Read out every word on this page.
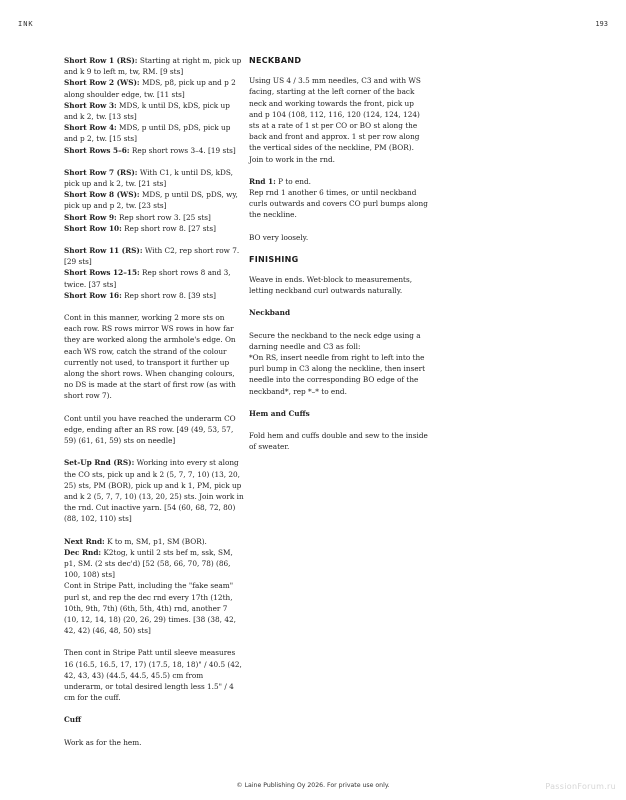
INK	193

Short Row 1 (RS): Starting at right m, pick up and k 9 to left m, tw, RM. [9 sts]
Short Row 2 (WS): MDS, p8, pick up and p 2 along shoulder edge, tw. [11 sts]
Short Row 3: MDS, k until DS, kDS, pick up and k 2, tw. [13 sts]
Short Row 4: MDS, p until DS, pDS, pick up and p 2, tw. [15 sts]
Short Rows 5–6: Rep short rows 3–4. [19 sts]

Short Row 7 (RS): With C1, k until DS, kDS, pick up and k 2, tw. [21 sts]
Short Row 8 (WS): MDS, p until DS, pDS, wy, pick up and p 2, tw. [23 sts]
Short Row 9: Rep short row 3. [25 sts]
Short Row 10: Rep short row 8. [27 sts]

Short Row 11 (RS): With C2, rep short row 7. [29 sts]
Short Rows 12–15: Rep short rows 8 and 3, twice. [37 sts]
Short Row 16: Rep short row 8. [39 sts]

Cont in this manner, working 2 more sts on each row. RS rows mirror WS rows in how far they are worked along the armhole's edge. On each WS row, catch the strand of the colour currently not used, to transport it further up along the short rows. When changing colours, no DS is made at the start of first row (as with short row 7).

Cont until you have reached the underarm CO edge, ending after an RS row. [49 (49, 53, 57, 59) (61, 61, 59) sts on needle]

Set-Up Rnd (RS): Working into every st along the CO sts, pick up and k 2 (5, 7, 7, 10) (13, 20, 25) sts, PM (BOR), pick up and k 1, PM, pick up and k 2 (5, 7, 7, 10) (13, 20, 25) sts. Join work in the rnd. Cut inactive yarn. [54 (60, 68, 72, 80) (88, 102, 110) sts]

Next Rnd: K to m, SM, p1, SM (BOR).

Dec Rnd: K2tog, k until 2 sts bef m, ssk, SM, p1, SM. (2 sts dec'd) [52 (58, 66, 70, 78) (86, 100, 108) sts]

Cont in Stripe Patt, including the "fake seam" purl st, and rep the dec rnd every 17th (12th, 10th, 9th, 7th) (6th, 5th, 4th) rnd, another 7 (10, 12, 14, 18) (20, 26, 29) times. [38 (38, 42, 42, 42) (46, 48, 50) sts]

Then cont in Stripe Patt until sleeve measures 16 (16.5, 16.5, 17, 17) (17.5, 18, 18)" / 40.5 (42, 42, 43, 43) (44.5, 44.5, 45.5) cm from underarm, or total desired length less 1.5" / 4 cm for the cuff.

Cuff

Work as for the hem.

NECKBAND

Using US 4 / 3.5 mm needles, C3 and with WS facing, starting at the left corner of the back neck and working towards the front, pick up and p 104 (108, 112, 116, 120 (124, 124, 124) sts at a rate of 1 st per CO or BO st along the back and front and approx. 1 st per row along the vertical sides of the neckline, PM (BOR). Join to work in the rnd.

Rnd 1: P to end.
Rep rnd 1 another 6 times, or until neckband curls outwards and covers CO purl bumps along the neckline.

BO very loosely.

FINISHING

Weave in ends. Wet-block to measurements, letting neckband curl outwards naturally.

Neckband

Secure the neckband to the neck edge using a darning needle and C3 as foll:

*On RS, insert needle from right to left into the purl bump in C3 along the neckline, then insert needle into the corresponding BO edge of the neckband*, rep *–* to end.

Hem and Cuffs

Fold hem and cuffs double and sew to the inside of sweater.

© Laine Publishing Oy 2026. For private use only.	PassionForum.ru
